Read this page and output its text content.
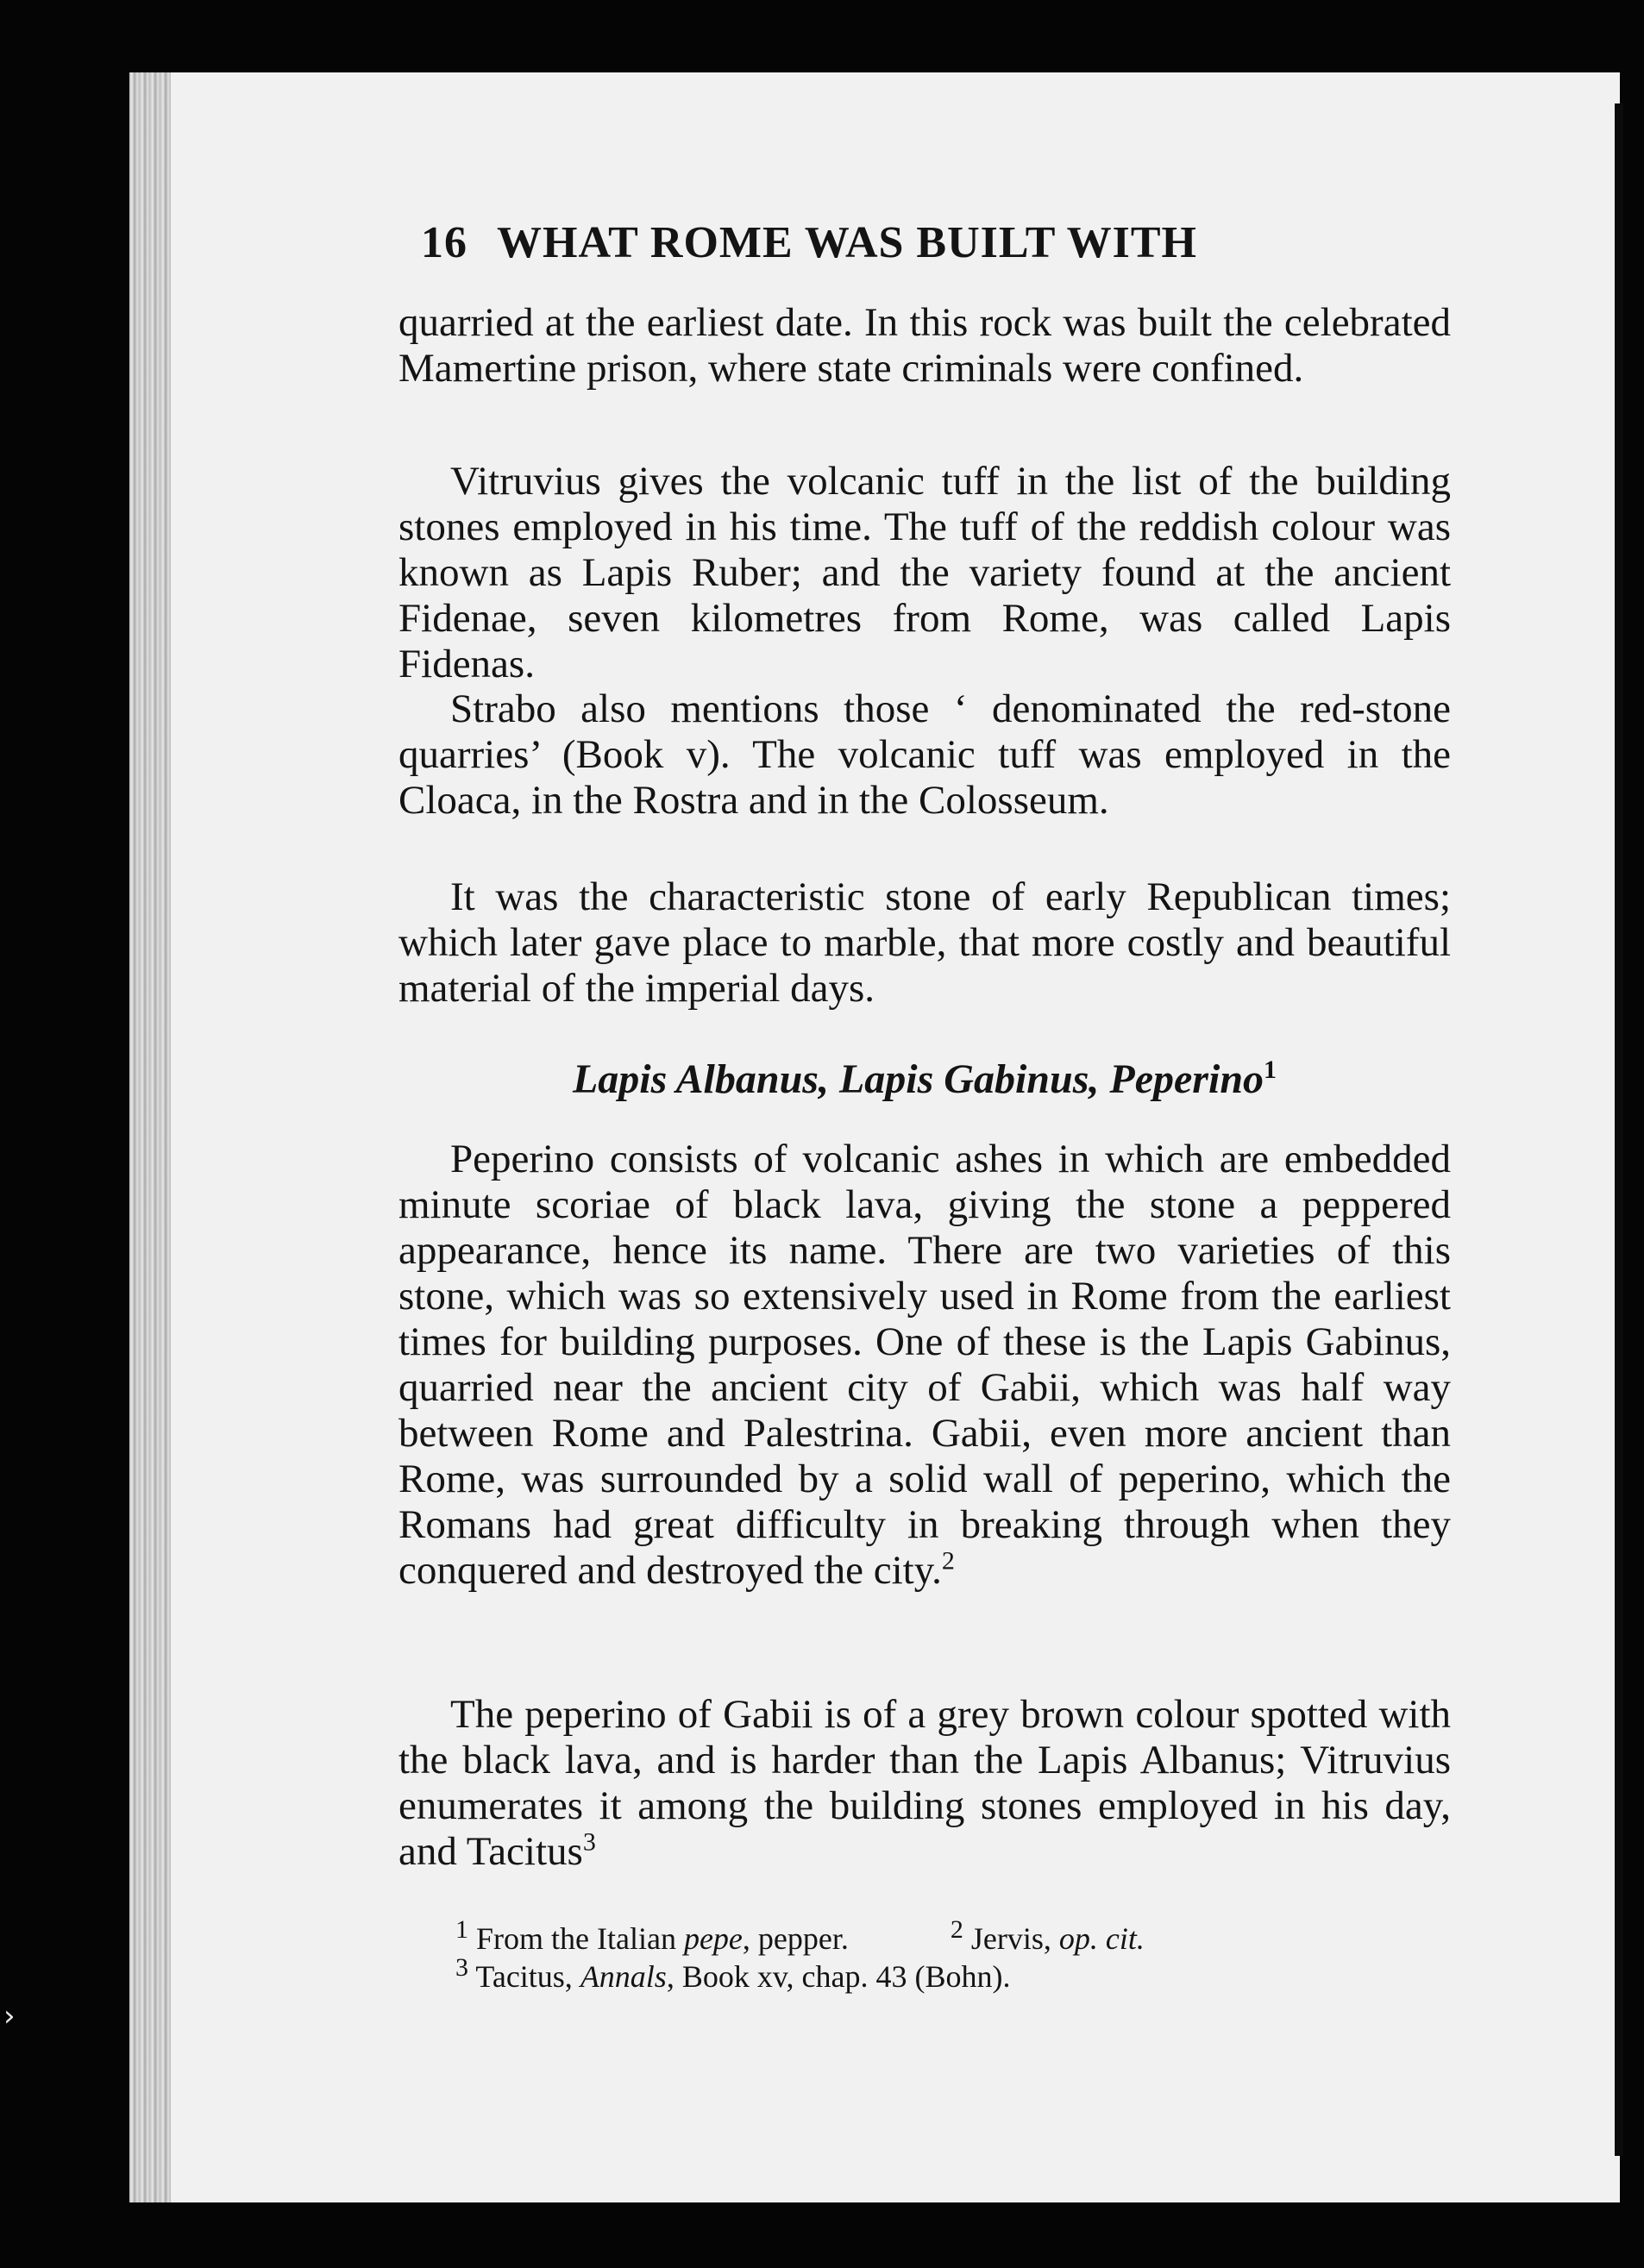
›
16 WHAT ROME WAS BUILT WITH

quarried at the earliest date. In this rock was built the celebrated Mamertine prison, where state criminals were confined.

Vitruvius gives the volcanic tuff in the list of the building stones employed in his time. The tuff of the reddish colour was known as Lapis Ruber; and the variety found at the ancient Fidenae, seven kilometres from Rome, was called Lapis Fidenas.

Strabo also mentions those ‘ denominated the red-stone quarries’ (Book v). The volcanic tuff was employed in the Cloaca, in the Rostra and in the Colosseum.

It was the characteristic stone of early Republican times; which later gave place to marble, that more costly and beautiful material of the imperial days.

Lapis Albanus, Lapis Gabinus, Peperino$^1$

Peperino consists of volcanic ashes in which are embedded minute scoriae of black lava, giving the stone a peppered appearance, hence its name. There are two varieties of this stone, which was so extensively used in Rome from the earliest times for building purposes. One of these is the Lapis Gabinus, quarried near the ancient city of Gabii, which was half way between Rome and Palestrina. Gabii, even more ancient than Rome, was surrounded by a solid wall of peperino, which the Romans had great difficulty in breaking through when they conquered and destroyed the city.$^2$

The peperino of Gabii is of a grey brown colour spotted with the black lava, and is harder than the Lapis Albanus; Vitruvius enumerates it among the building stones employed in his day, and Tacitus$^3$

$^1$ From the Italian pepe, pepper.	$^2$ Jervis, op. cit.
$^3$ Tacitus, Annals, Book xv, chap. 43 (Bohn).
